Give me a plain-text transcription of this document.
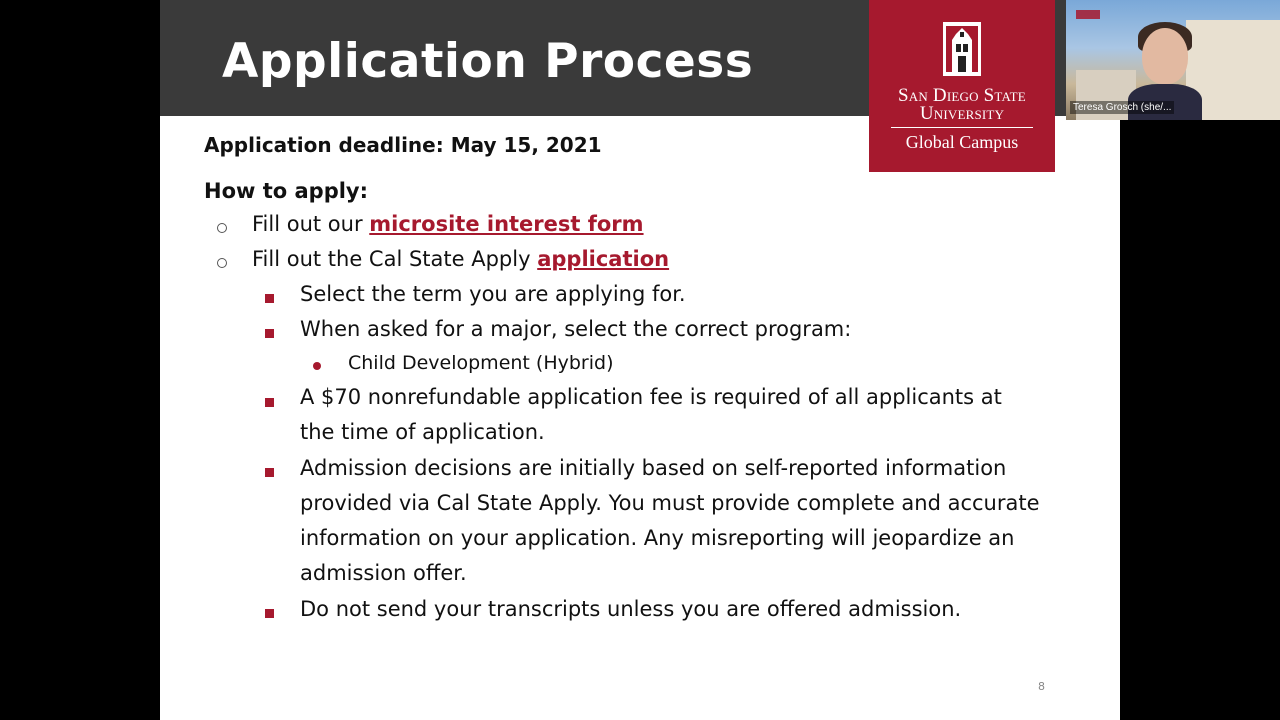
Application Process
San Diego State
University
Global Campus
Application deadline: May 15, 2021
How to apply:
Fill out our microsite interest form
Fill out the Cal State Apply application
Select the term you are applying for.
When asked for a major, select the correct program:
Child Development (Hybrid)
A $70 nonrefundable application fee is required of all applicants at
the time of application.
Admission decisions are initially based on self-reported information
provided via Cal State Apply. You must provide complete and accurate
information on your application. Any misreporting will jeopardize an
admission offer.
Do not send your transcripts unless you are offered admission.
8
Teresa Grosch (she/...
